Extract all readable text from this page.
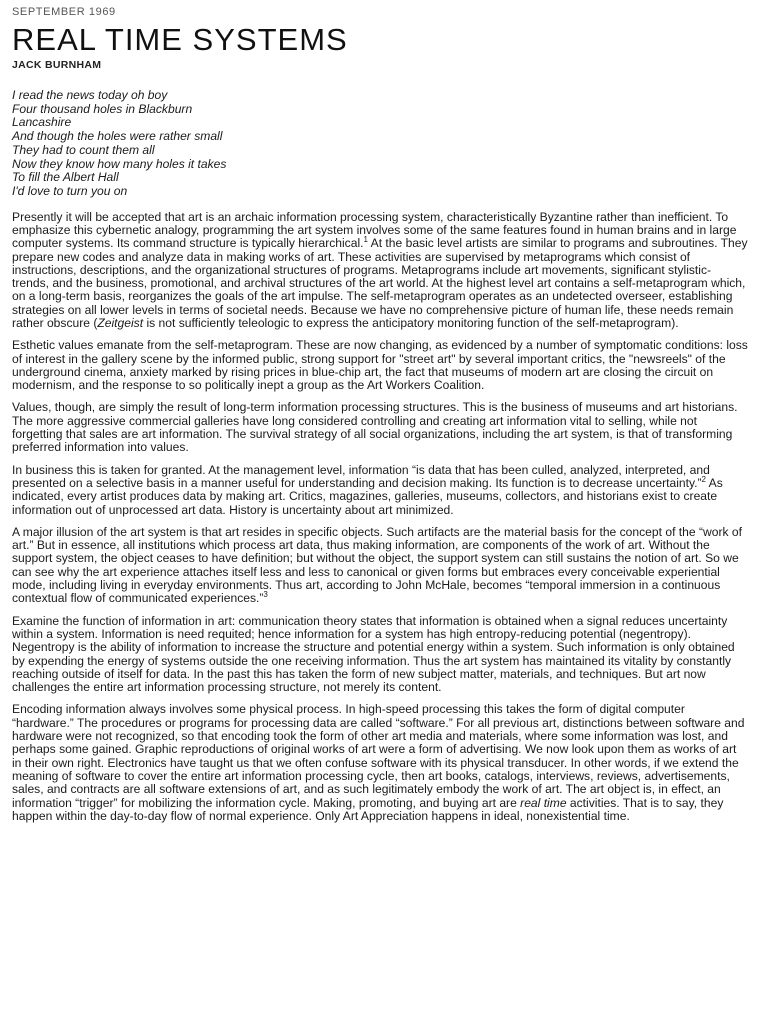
SEPTEMBER 1969
REAL TIME SYSTEMS
JACK BURNHAM
I read the news today oh boy
Four thousand holes in Blackburn
Lancashire
And though the holes were rather small
They had to count them all
Now they know how many holes it takes
To fill the Albert Hall
I'd love to turn you on

Presently it will be accepted that art is an archaic information processing system, characteristically Byzantine rather than inefficient. To emphasize this cybernetic analogy, programming the art system involves some of the same features found in human brains and in large computer systems. Its command structure is typically hierarchical.$^1$ At the basic level artists are similar to programs and subroutines. They prepare new codes and analyze data in making works of art. These activities are supervised by metaprograms which consist of instructions, descriptions, and the organizational structures of programs. Metaprograms include art movements, significant stylistic-trends, and the business, promotional, and archival structures of the art world. At the highest level art contains a self-metaprogram which, on a long-term basis, reorganizes the goals of the art impulse. The self-metaprogram operates as an undetected overseer, establishing strategies on all lower levels in terms of societal needs. Because we have no comprehensive picture of human life, these needs remain rather obscure (Zeitgeist is not sufficiently teleologic to express the anticipatory monitoring function of the self-metaprogram).

Esthetic values emanate from the self-metaprogram. These are now changing, as evidenced by a number of symptomatic conditions: loss of interest in the gallery scene by the informed public, strong support for "street art" by several important critics, the "newsreels" of the underground cinema, anxiety marked by rising prices in blue-chip art, the fact that museums of modern art are closing the circuit on modernism, and the response to so politically inept a group as the Art Workers Coalition.

Values, though, are simply the result of long-term information processing structures. This is the business of museums and art historians. The more aggressive commercial galleries have long considered controlling and creating art information vital to selling, while not forgetting that sales are art information. The survival strategy of all social organizations, including the art system, is that of transforming preferred information into values.

In business this is taken for granted. At the management level, information “is data that has been culled, analyzed, interpreted, and presented on a selective basis in a manner useful for understanding and decision making. Its function is to decrease uncertainty.”$^2$ As indicated, every artist produces data by making art. Critics, magazines, galleries, museums, collectors, and historians exist to create information out of unprocessed art data. History is uncertainty about art minimized.

A major illusion of the art system is that art resides in specific objects. Such artifacts are the material basis for the concept of the “work of art.” But in essence, all institutions which process art data, thus making information, are components of the work of art. Without the support system, the object ceases to have definition; but without the object, the support system can still sustains the notion of art. So we can see why the art experience attaches itself less and less to canonical or given forms but embraces every conceivable experiential mode, including living in everyday environments. Thus art, according to John McHale, becomes “temporal immersion in a continuous contextual flow of communicated experiences.”$^3$

Examine the function of information in art: communication theory states that information is obtained when a signal reduces uncertainty within a system. Information is need requited; hence information for a system has high entropy-reducing potential (negentropy). Negentropy is the ability of information to increase the structure and potential energy within a system. Such information is only obtained by expending the energy of systems outside the one receiving information. Thus the art system has maintained its vitality by constantly reaching outside of itself for data. In the past this has taken the form of new subject matter, materials, and techniques. But art now challenges the entire art information processing structure, not merely its content.

Encoding information always involves some physical process. In high-speed processing this takes the form of digital computer “hardware.” The procedures or programs for processing data are called “software.” For all previous art, distinctions between software and hardware were not recognized, so that encoding took the form of other art media and materials, where some information was lost, and perhaps some gained. Graphic reproductions of original works of art were a form of advertising. We now look upon them as works of art in their own right. Electronics have taught us that we often confuse software with its physical transducer. In other words, if we extend the meaning of software to cover the entire art information processing cycle, then art books, catalogs, interviews, reviews, advertisements, sales, and contracts are all software extensions of art, and as such legitimately embody the work of art. The art object is, in effect, an information “trigger” for mobilizing the information cycle. Making, promoting, and buying art are real time activities. That is to say, they happen within the day-to-day flow of normal experience. Only Art Appreciation happens in ideal, nonexistential time.
